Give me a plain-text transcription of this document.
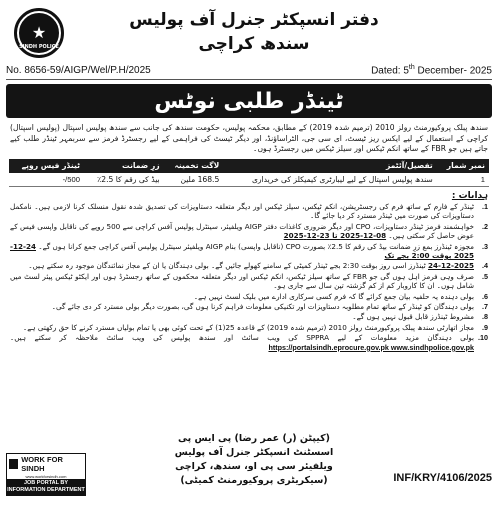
★
SINDH POLICE
دفتر انسپکٹر جنرل آف پولیس
سندھ کراچی
No. 8656-59/AIGP/Wel/P.H/2025	Dated: 5th December- 2025
ٹینڈر طلبی نوٹس

سندھ پبلک پروکیورمنٹ رولز 2010 (ترمیم شدہ 2019) کے مطابق، محکمہ پولیس، حکومت سندھ کی جانب سے سندھ پولیس اسپتال (پولیس اسپتال) کراچی کے استعمال کے لیے ایکس ریز ٹیسٹ، ای سی جی، الٹراساؤنڈ، اور دیگر ٹیسٹ کی فراہمی کے لیے رجسٹرڈ فرمز سے سربمہر ٹینڈر طلب کیے جاتے ہیں جو FBR کے ساتھ انکم ٹیکس اور سیلز ٹیکس میں رجسٹرڈ ہوں۔

نمبر شمار	تفصیل/آئٹمز	لاگت تخمینہ	زرِ ضمانت	ٹینڈر فیس روپے
1	سندھ پولیس اسپتال کے لیے لیبارٹری کیمیکلز کی خریداری	168.5 ملین	بیڈ کی رقم کا 2.5٪	500/-
ہدایات :
1.
ٹینڈر کے فارم کے ساتھ فرم کی رجسٹریشن، انکم ٹیکس، سیلز ٹیکس اور دیگر متعلقہ دستاویزات کی تصدیق شدہ نقول منسلک کرنا لازمی ہیں۔ نامکمل دستاویزات کی صورت میں ٹینڈر مسترد کر دیا جائے گا۔
2.
خواہشمند فرمز ٹینڈر دستاویزات، CPO اور دیگر ضروری کاغذات دفتر AIGP ویلفیئر، سینٹرل پولیس آفس کراچی سے 500 روپے کی ناقابل واپسی فیس کے عوض حاصل کر سکتی ہیں۔ 08-12-2025 تا 23-12-2025
3.
مجوزہ ٹینڈرز بمع زرِ ضمانت بیڈ کی رقم کا 2.5٪ بصورت CPO (ناقابل واپسی) بنام AIGP ویلفیئر سینٹرل پولیس آفس کراچی جمع کرانا ہوں گے۔ 24-12-2025 بوقت 2:00 بجے تک
4.
24-12-2025 ٹینڈرز اسی روز بوقت 2:30 بجے ٹینڈر کمیٹی کے سامنے کھولے جائیں گے۔ بولی دہندگان یا ان کے مجاز نمائندگان موجود رہ سکتے ہیں۔
5.
صرف وہی فرمز اہل ہوں گی جو FBR کے ساتھ سیلز ٹیکس، انکم ٹیکس اور دیگر متعلقہ محکموں کے ساتھ رجسٹرڈ ہوں اور ایکٹو ٹیکس پیئر لسٹ میں شامل ہوں۔ ان کا کاروبار کم از کم گزشتہ تین سال سے جاری ہو۔
6.
بولی دہندہ یہ حلفیہ بیان جمع کرائے گا کہ فرم کسی سرکاری ادارے میں بلیک لسٹ نہیں ہے۔
7.
بولی دہندگان کو ٹینڈر کے ساتھ تمام مطلوبہ دستاویزات اور تکنیکی معلومات فراہم کرنا ہوں گی، بصورت دیگر بولی مسترد کر دی جائے گی۔
8.
مشروط ٹینڈرز قابل قبول نہیں ہوں گے۔
9.
مجاز اتھارٹی سندھ پبلک پروکیورمنٹ رولز 2010 (ترمیم شدہ 2019) کے قاعدہ 25(1) کے تحت کوئی بھی یا تمام بولیاں مسترد کرنے کا حق رکھتی ہے۔
10.
بولی دہندگان مزید معلومات کے لیے SPPRA کی ویب سائٹ اور سندھ پولیس کی ویب سائٹ ملاحظہ کر سکتے ہیں۔ https://portalsindh.eprocure.gov.pk www.sindhpolice.gov.pk
WORK FOR SINDH
www.workforsindh.com
JOB PORTAL BY INFORMATION DEPARTMENT
(کیپٹن (ر) عمر رضا) پی ایس پی
اسسٹنٹ انسپکٹر جنرل آف پولیس
ویلفیئر سی پی او، سندھ، کراچی
(سیکریٹری پروکیورمنٹ کمیٹی)	INF/KRY/4106/2025
